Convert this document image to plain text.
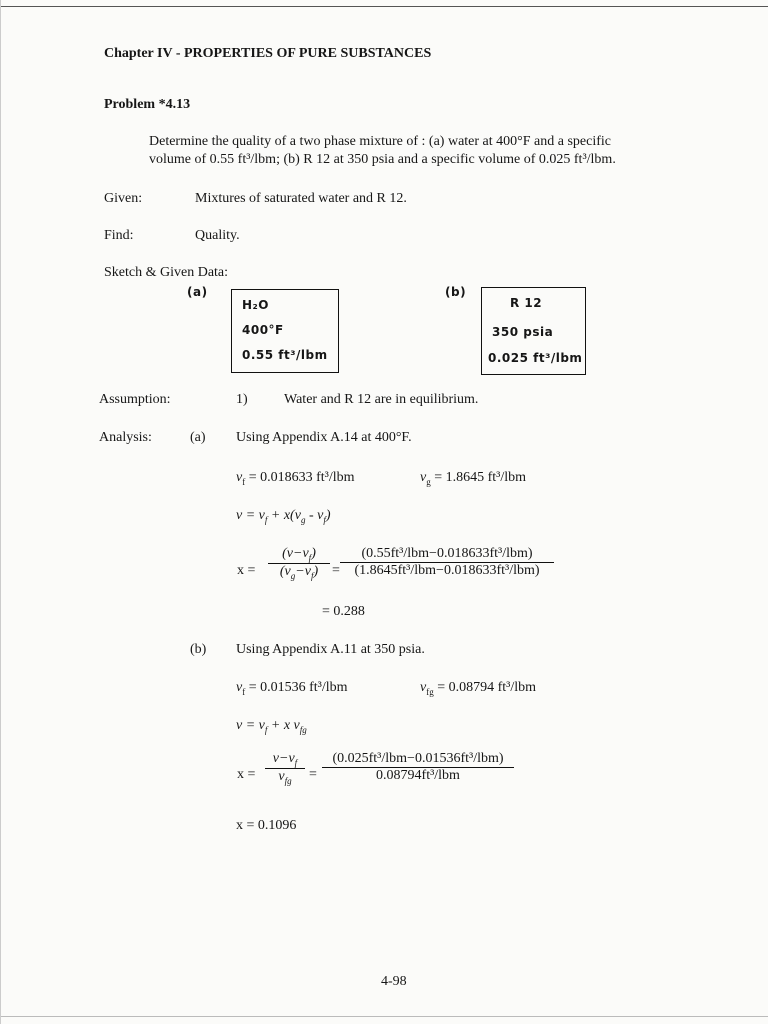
Chapter IV - PROPERTIES OF PURE SUBSTANCES
Problem *4.13
Determine the quality of a two phase mixture of : (a) water at 400°F and a specific
volume of 0.55 ft³/lbm; (b) R 12 at 350 psia and a specific volume of 0.025 ft³/lbm.
Given:	Mixtures of saturated water and R 12.
Find:	Quality.
Sketch & Given Data:
(a)
H₂O
400°F
0.55 ft³/lbm
(b)
R 12
350 psia
0.025 ft³/lbm
Assumption:	1)	Water and R 12 are in equilibrium.
Analysis:	(a) Using Appendix A.14 at 400°F.
$v_f = 0.018633$ ft³/lbm	$v_g = 1.8645$ ft³/lbm
$v = v_f + x(v_g - v_f)$
$x = \frac{(v-v_f)}{(v_g-v_f)}$ =
(0.55ft³/lbm−0.018633ft³/lbm)
(1.8645ft³/lbm−0.018633ft³/lbm)
= 0.288
(b) Using Appendix A.11 at 350 psia.
$v_f = 0.01536$ ft³/lbm	$v_{fg} = 0.08794$ ft³/lbm
$v = v_f + x$ $v_{fg}$
x =
$v-v_f$
$v_{fg}$	=
(0.025ft³/lbm−0.01536ft³/lbm)
0.08794ft³/lbm
x = 0.1096
4-98
